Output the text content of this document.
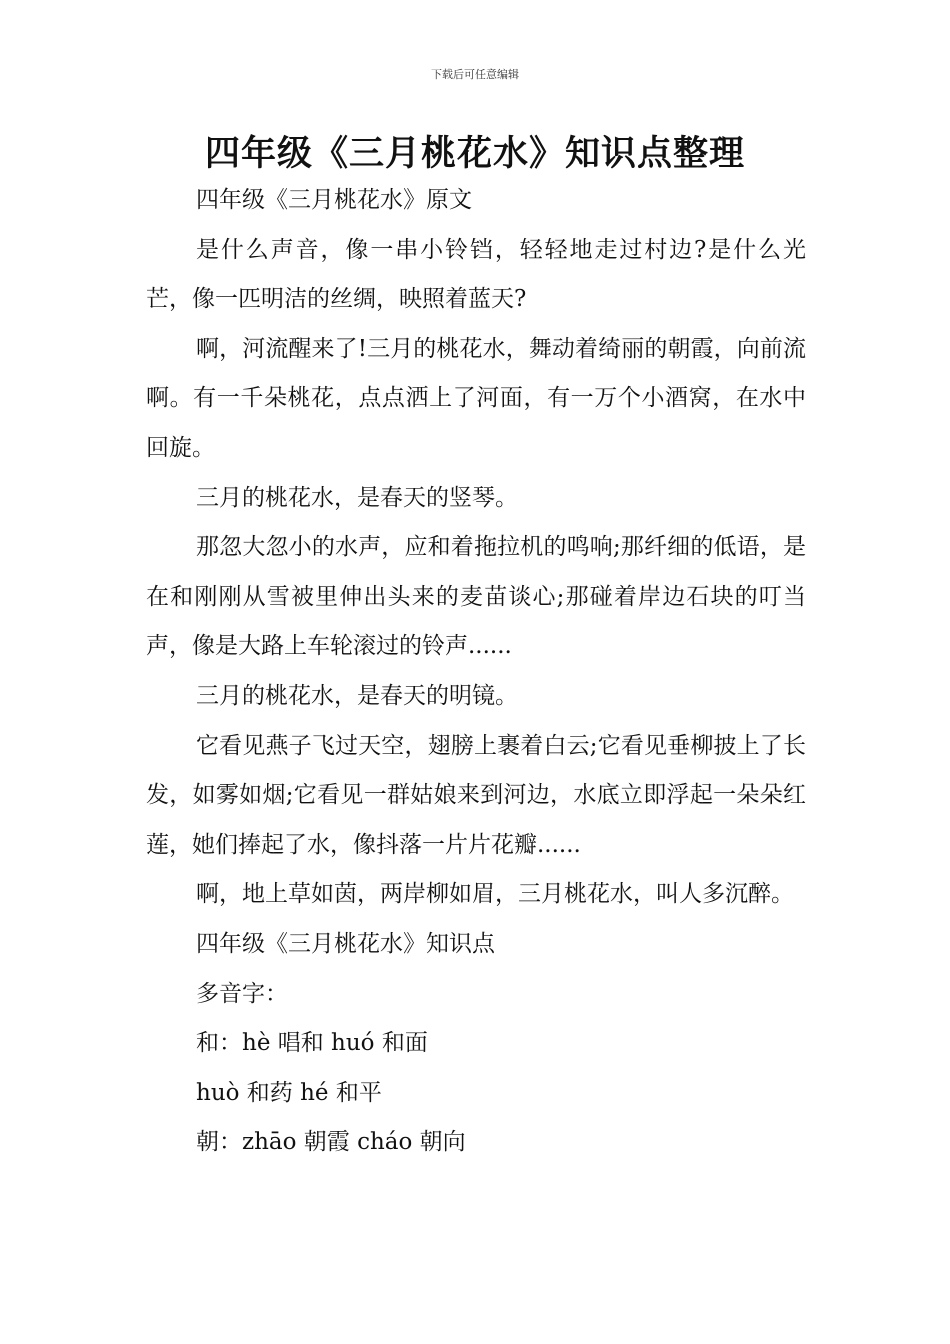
下载后可任意编辑
四年级《三月桃花水》知识点整理

四年级《三月桃花水》原文

是什么声音，像一串小铃铛，轻轻地走过村边?是什么光芒，像一匹明洁的丝绸，映照着蓝天?

啊，河流醒来了!三月的桃花水，舞动着绮丽的朝霞，向前流啊。有一千朵桃花，点点洒上了河面，有一万个小酒窝，在水中回旋。

三月的桃花水，是春天的竖琴。

那忽大忽小的水声，应和着拖拉机的鸣响;那纤细的低语，是在和刚刚从雪被里伸出头来的麦苗谈心;那碰着岸边石块的叮当声，像是大路上车轮滚过的铃声......

三月的桃花水，是春天的明镜。

它看见燕子飞过天空，翅膀上裹着白云;它看见垂柳披上了长发，如雾如烟;它看见一群姑娘来到河边，水底立即浮起一朵朵红莲，她们捧起了水，像抖落一片片花瓣......

啊，地上草如茵，两岸柳如眉，三月桃花水，叫人多沉醉。

四年级《三月桃花水》知识点

多音字：

和：hè 唱和 huó 和面

huò 和药 hé 和平

朝：zhāo 朝霞 cháo 朝向
